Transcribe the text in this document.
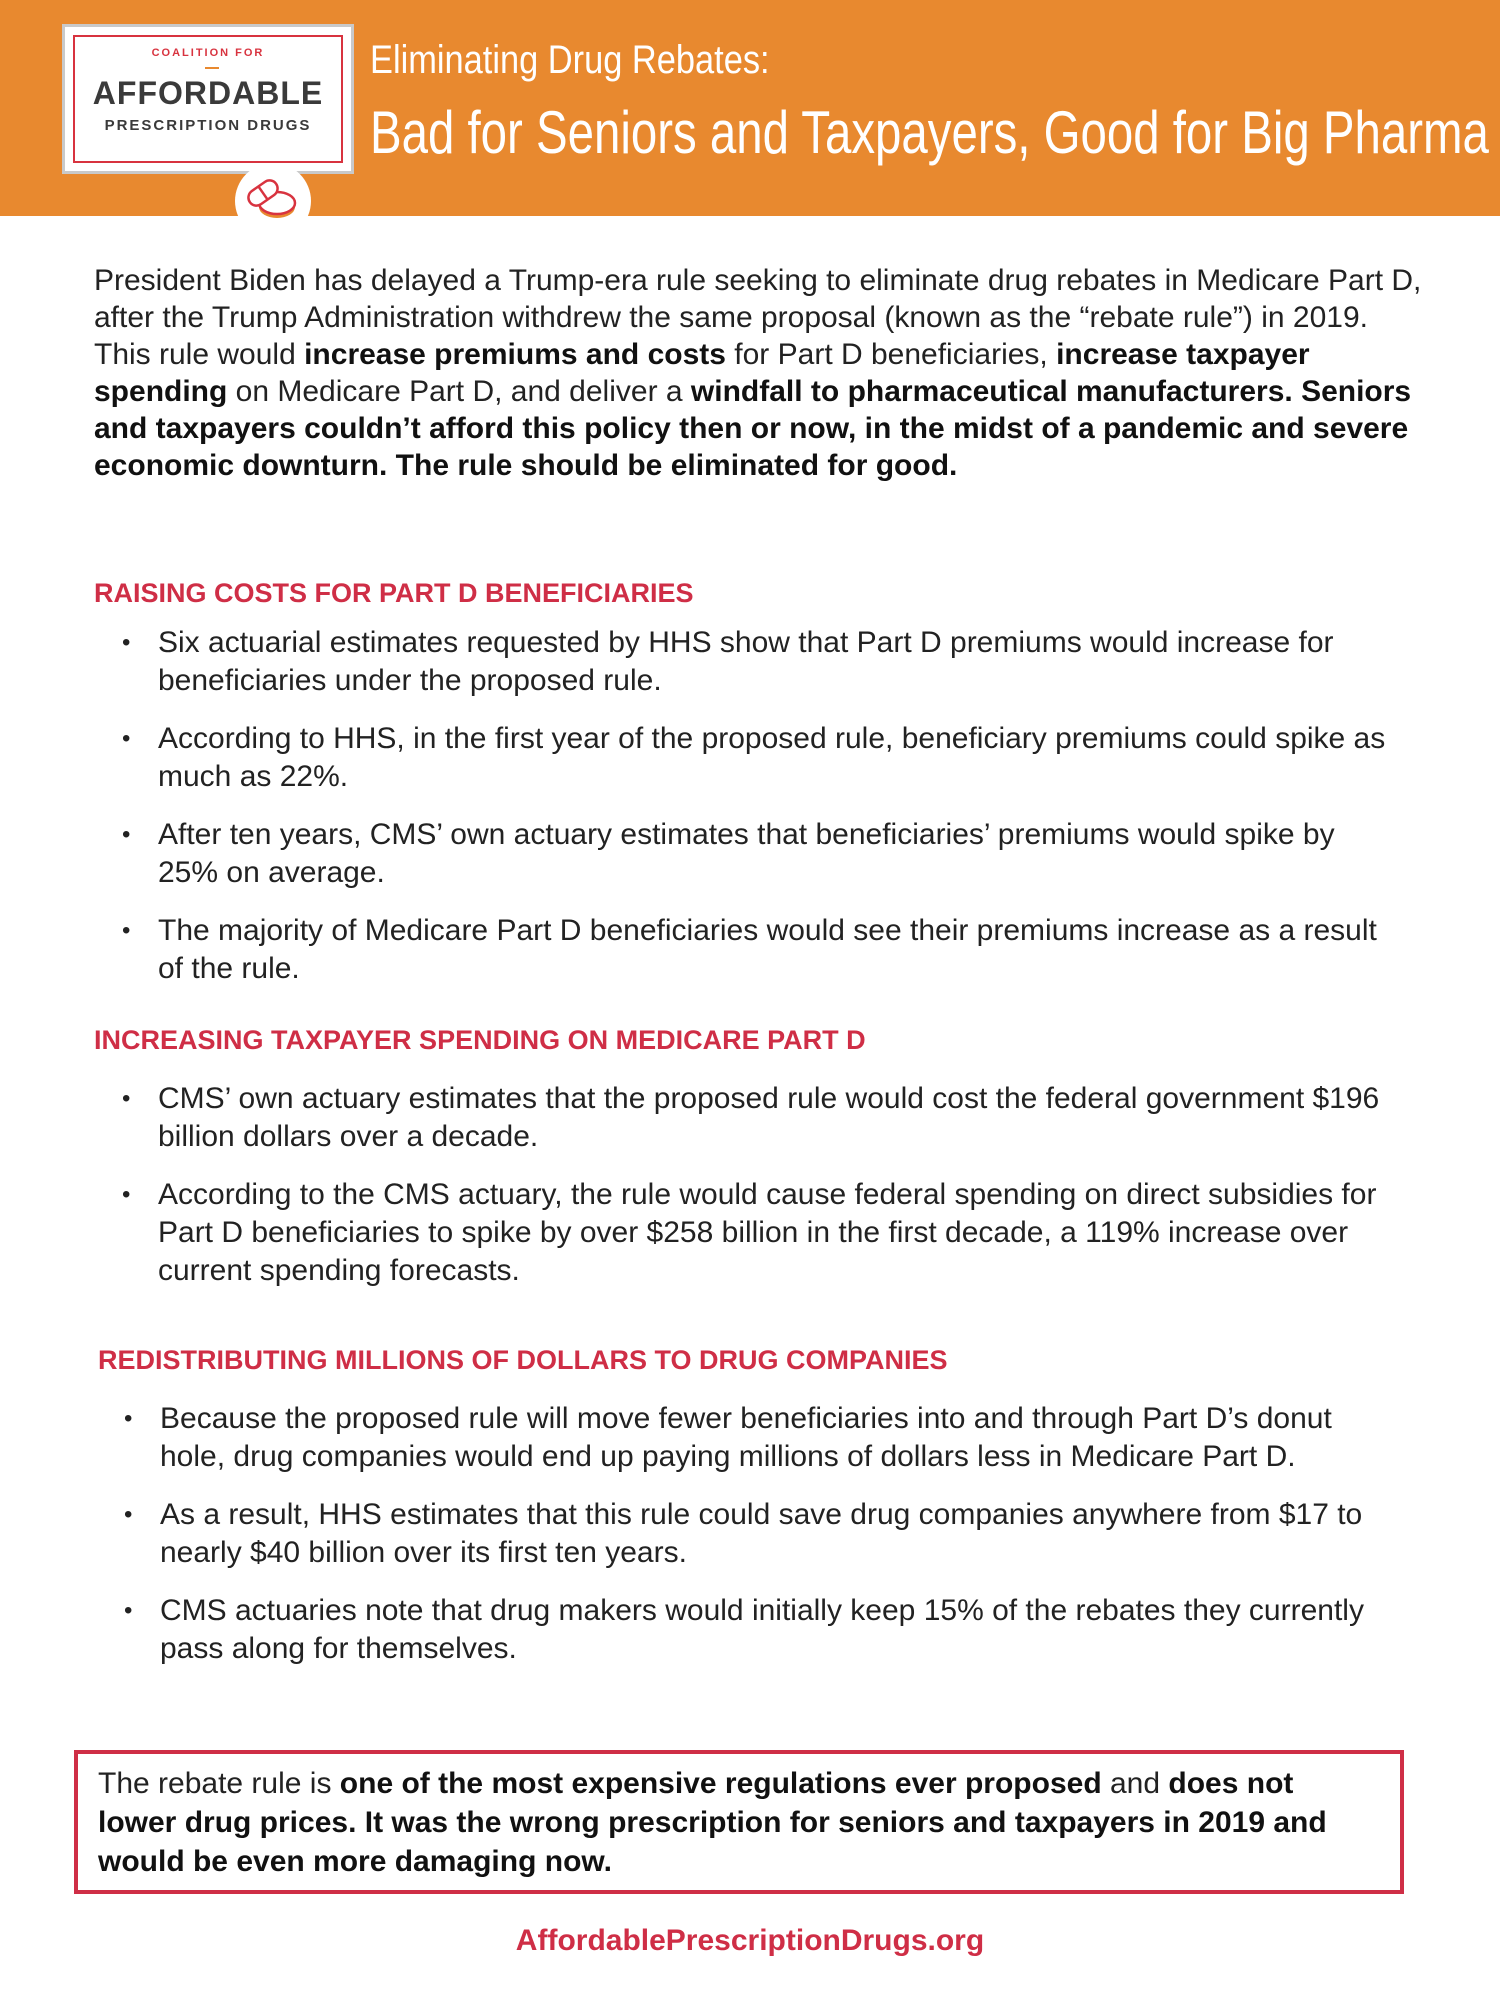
COALITION FOR
AFFORDABLE
PRESCRIPTION DRUGS
Eliminating Drug Rebates:
Bad for Seniors and Taxpayers, Good for Big Pharma
President Biden has delayed a Trump-era rule seeking to eliminate drug rebates in Medicare Part D, after the Trump Administration withdrew the same proposal (known as the “rebate rule”) in 2019. This rule would increase premiums and costs for Part D beneficiaries, increase taxpayer spending on Medicare Part D, and deliver a windfall to pharmaceutical manufacturers. Seniors and taxpayers couldn’t afford this policy then or now, in the midst of a pandemic and severe economic downturn. The rule should be eliminated for good.
RAISING COSTS FOR PART D BENEFICIARIES
• Six actuarial estimates requested by HHS show that Part D premiums would increase for beneficiaries under the proposed rule.
• According to HHS, in the first year of the proposed rule, beneficiary premiums could spike as much as 22%.
• After ten years, CMS’ own actuary estimates that beneficiaries’ premiums would spike by 25% on average.
• The majority of Medicare Part D beneficiaries would see their premiums increase as a result of the rule.
INCREASING TAXPAYER SPENDING ON MEDICARE PART D
• CMS’ own actuary estimates that the proposed rule would cost the federal government $196 billion dollars over a decade.
• According to the CMS actuary, the rule would cause federal spending on direct subsidies for Part D beneficiaries to spike by over $258 billion in the first decade, a 119% increase over current spending forecasts.
REDISTRIBUTING MILLIONS OF DOLLARS TO DRUG COMPANIES
• Because the proposed rule will move fewer beneficiaries into and through Part D’s donut hole, drug companies would end up paying millions of dollars less in Medicare Part D.
• As a result, HHS estimates that this rule could save drug companies anywhere from $17 to nearly $40 billion over its first ten years.
• CMS actuaries note that drug makers would initially keep 15% of the rebates they currently pass along for themselves.
The rebate rule is one of the most expensive regulations ever proposed and does not lower drug prices. It was the wrong prescription for seniors and taxpayers in 2019 and would be even more damaging now.
AffordablePrescriptionDrugs.org
